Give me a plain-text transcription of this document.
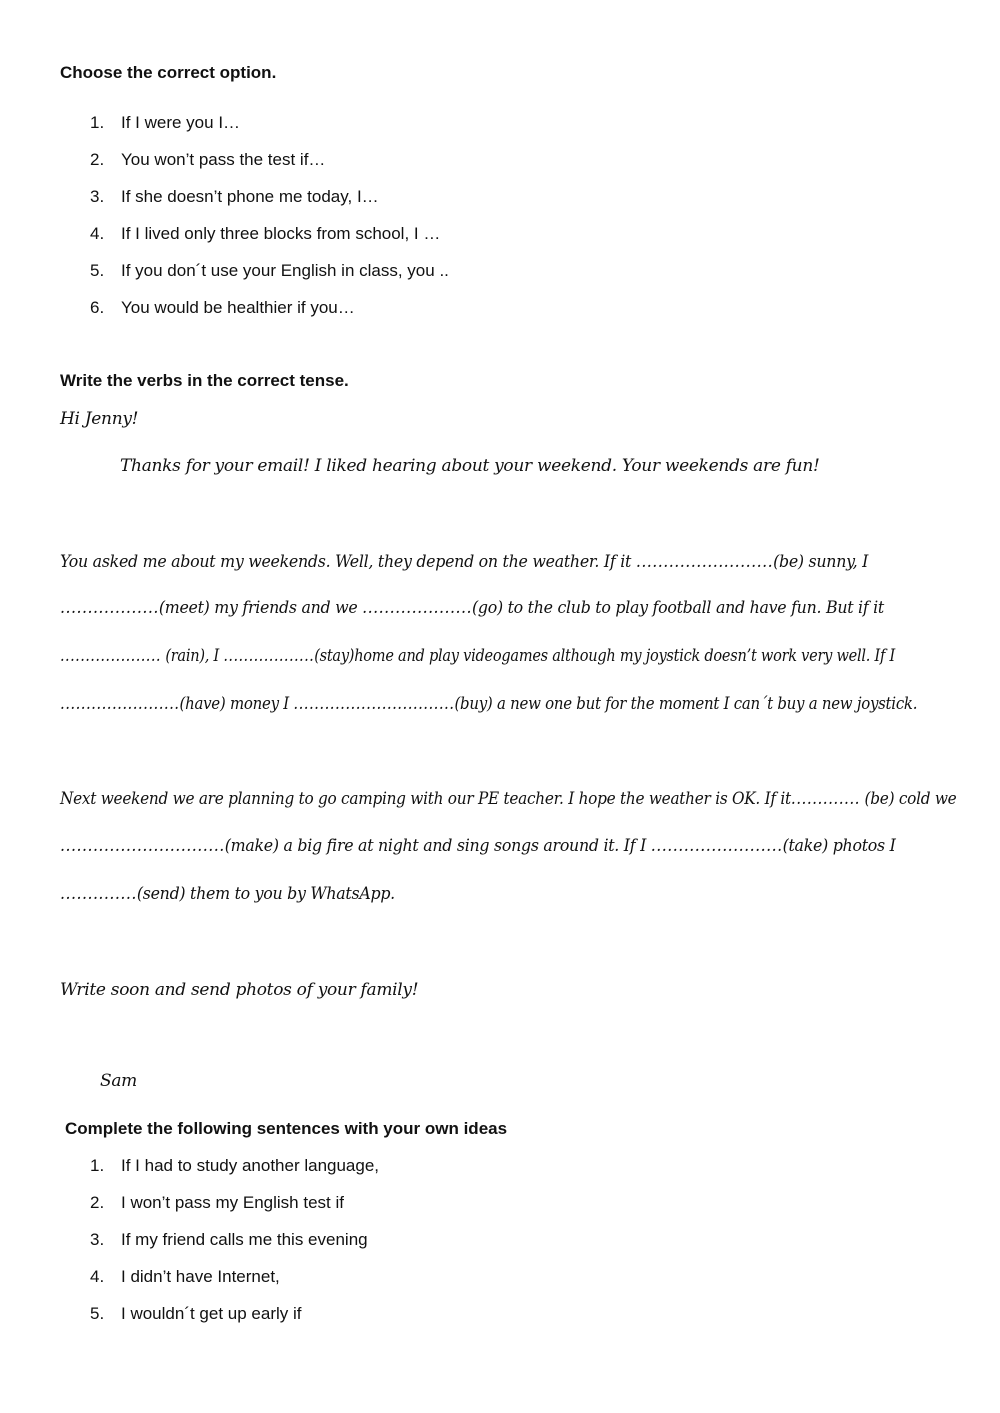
Choose the correct option.
1. If I were you I…
2. You won’t pass the test if…
3. If she doesn’t phone me today, I…
4. If I lived only three blocks from school, I …
5. If you don´t use your English in class, you ..
6. You would be healthier if you…
Write the verbs in the correct tense.
Hi Jenny!
Thanks for your email! I liked hearing about your weekend. Your weekends are fun!
You asked me about my weekends. Well, they depend on the weather. If it .........................(be) sunny, I
..................(meet) my friends and we ....................(go) to the club to play football and have fun. But if it
.................... (rain), I ..................(stay)home and play videogames although my joystick doesn’t work very well. If I
.......................(have) money I ...............................(buy) a new one but for the moment I can´t buy a new joystick.
Next weekend we are planning to go camping with our PE teacher. I hope the weather is OK. If it............. (be) cold we
..............................(make) a big fire at night and sing songs around it. If I ........................(take) photos I
..............(send) them to you by WhatsApp.
Write soon and send photos of your family!
Sam
Complete the following sentences with your own ideas
1. If I had to study another language,
2. I won’t pass my English test if
3. If my friend calls me this evening
4. I didn’t have Internet,
5. I wouldn´t get up early if
